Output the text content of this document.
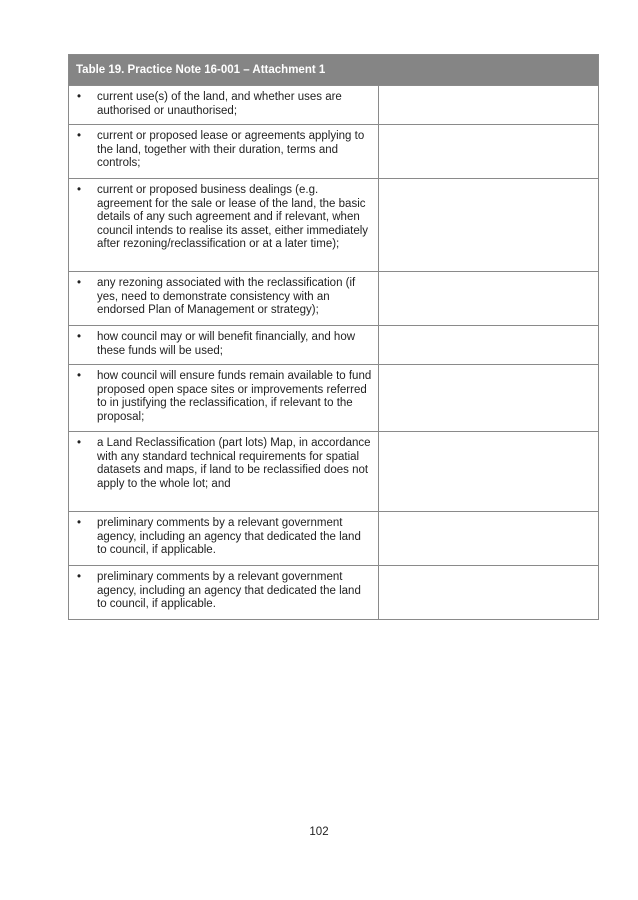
Table 19. Practice Note 16-001 – Attachment 1
•	current use(s) of the land, and whether uses are authorised or unauthorised;
•	current or proposed lease or agreements applying to the land, together with their duration, terms and controls;
•	current or proposed business dealings (e.g. agreement for the sale or lease of the land, the basic details of any such agreement and if relevant, when council intends to realise its asset, either immediately after rezoning/reclassification or at a later time);
•	any rezoning associated with the reclassification (if yes, need to demonstrate consistency with an endorsed Plan of Management or strategy);
•	how council may or will benefit financially, and how these funds will be used;
•	how council will ensure funds remain available to fund proposed open space sites or improvements referred to in justifying the reclassification, if relevant to the proposal;
•	a Land Reclassification (part lots) Map, in accordance with any standard technical requirements for spatial datasets and maps, if land to be reclassified does not apply to the whole lot; and
•	preliminary comments by a relevant government agency, including an agency that dedicated the land to council, if applicable.
•	preliminary comments by a relevant government agency, including an agency that dedicated the land to council, if applicable.
102
